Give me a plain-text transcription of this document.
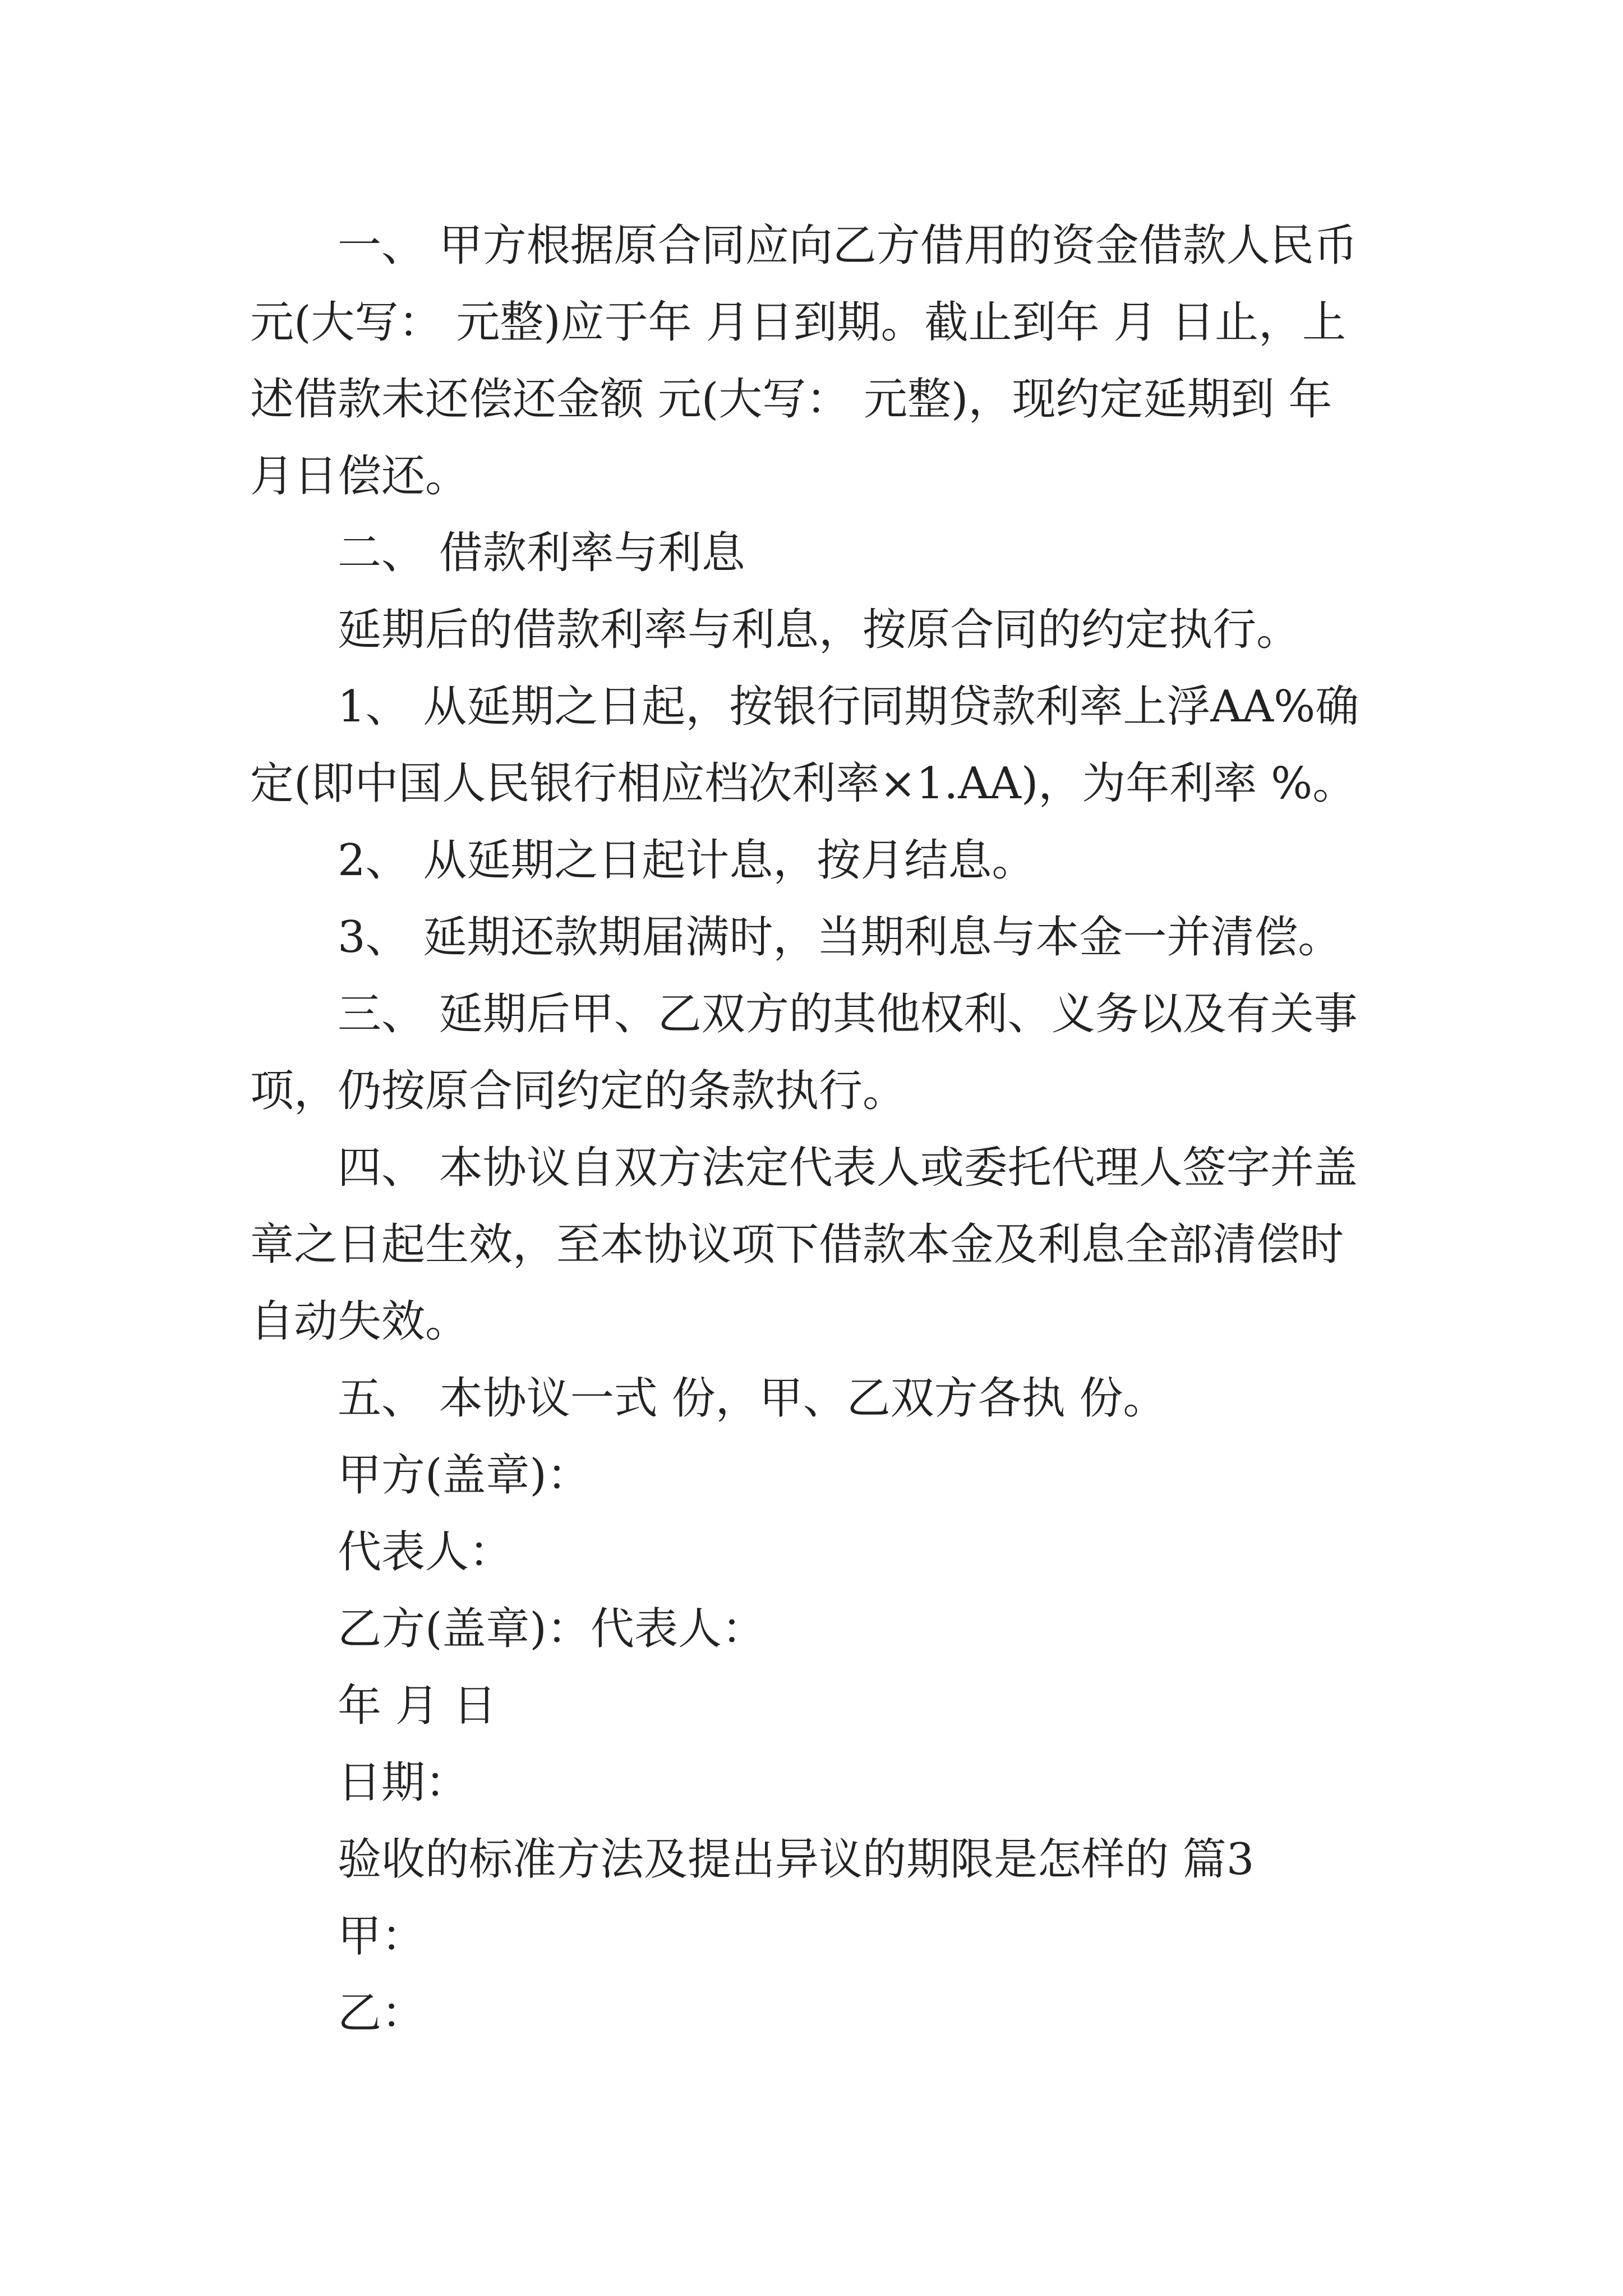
一、 甲方根据原合同应向乙方借用的资金借款人民币 元(大写： 元整)应于年 月日到期。截止到年 月 日止，上述借款未还偿还金额 元(大写： 元整)，现约定延期到 年 月日偿还。

二、 借款利率与利息

延期后的借款利率与利息，按原合同的约定执行。

1、 从延期之日起，按银行同期贷款利率上浮AA%确定(即中国人民银行相应档次利率×1.AA)，为年利率 %。

2、 从延期之日起计息，按月结息。

3、 延期还款期届满时，当期利息与本金一并清偿。

三、 延期后甲、乙双方的其他权利、义务以及有关事项，仍按原合同约定的条款执行。

四、 本协议自双方法定代表人或委托代理人签字并盖章之日起生效，至本协议项下借款本金及利息全部清偿时自动失效。

五、 本协议一式 份，甲、乙双方各执 份。

甲方(盖章)：

代表人：

乙方(盖章)：代表人：

年 月 日

日期：

验收的标准方法及提出异议的期限是怎样的 篇3

甲：

乙：
